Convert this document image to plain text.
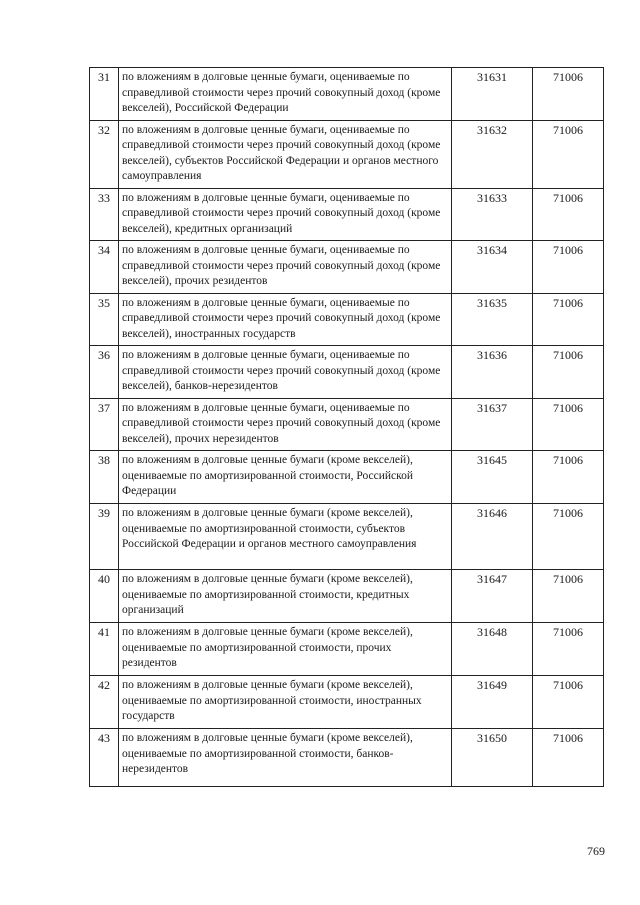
31	по вложениям в долговые ценные бумаги, оцениваемые по справедливой стоимости через прочий совокупный доход (кроме векселей), Российской Федерации	31631	71006
32	по вложениям в долговые ценные бумаги, оцениваемые по справедливой стоимости через прочий совокупный доход (кроме векселей), субъектов Российской Федерации и органов местного самоуправления	31632	71006
33	по вложениям в долговые ценные бумаги, оцениваемые по справедливой стоимости через прочий совокупный доход (кроме векселей), кредитных организаций	31633	71006
34	по вложениям в долговые ценные бумаги, оцениваемые по справедливой стоимости через прочий совокупный доход (кроме векселей), прочих резидентов	31634	71006
35	по вложениям в долговые ценные бумаги, оцениваемые по справедливой стоимости через прочий совокупный доход (кроме векселей), иностранных государств	31635	71006
36	по вложениям в долговые ценные бумаги, оцениваемые по справедливой стоимости через прочий совокупный доход (кроме векселей), банков-нерезидентов	31636	71006
37	по вложениям в долговые ценные бумаги, оцениваемые по справедливой стоимости через прочий совокупный доход (кроме векселей), прочих нерезидентов	31637	71006
38	по вложениям в долговые ценные бумаги (кроме векселей), оцениваемые по амортизированной стоимости, Российской Федерации	31645	71006
39	по вложениям в долговые ценные бумаги (кроме векселей), оцениваемые по амортизированной стоимости, субъектов Российской Федерации и органов местного самоуправления	31646	71006
40	по вложениям в долговые ценные бумаги (кроме векселей), оцениваемые по амортизированной стоимости, кредитных организаций	31647	71006
41	по вложениям в долговые ценные бумаги (кроме векселей), оцениваемые по амортизированной стоимости, прочих резидентов	31648	71006
42	по вложениям в долговые ценные бумаги (кроме векселей), оцениваемые по амортизированной стоимости, иностранных государств	31649	71006
43	по вложениям в долговые ценные бумаги (кроме векселей), оцениваемые по амортизированной стоимости, банков-нерезидентов	31650	71006
769
